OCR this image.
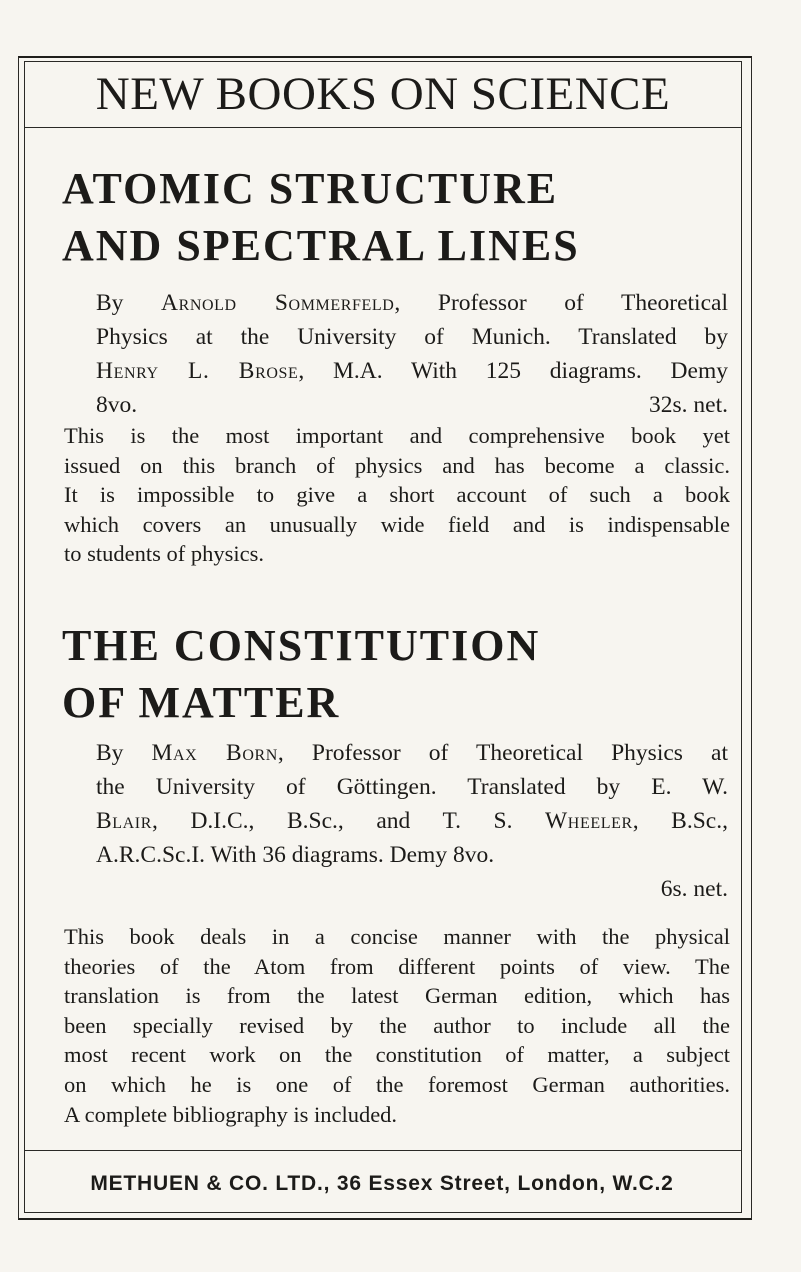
NEW BOOKS ON SCIENCE
ATOMIC STRUCTURE
AND SPECTRAL LINES
By Arnold Sommerfeld, Professor of Theoretical
Physics at the University of Munich. Translated by
Henry L. Brose, M.A. With 125 diagrams. Demy
8vo.	32s. net.
This is the most important and comprehensive book yet
issued on this branch of physics and has become a classic.
It is impossible to give a short account of such a book
which covers an unusually wide field and is indispensable
to students of physics.
THE CONSTITUTION
OF MATTER
By Max Born, Professor of Theoretical Physics at
the University of Göttingen. Translated by E. W.
Blair, D.I.C., B.Sc., and T. S. Wheeler, B.Sc.,
A.R.C.Sc.I. With 36 diagrams. Demy 8vo.
6s. net.
This book deals in a concise manner with the physical
theories of the Atom from different points of view. The
translation is from the latest German edition, which has
been specially revised by the author to include all the
most recent work on the constitution of matter, a subject
on which he is one of the foremost German authorities.
A complete bibliography is included.
METHUEN & CO. LTD., 36 Essex Street, London, W.C.2
